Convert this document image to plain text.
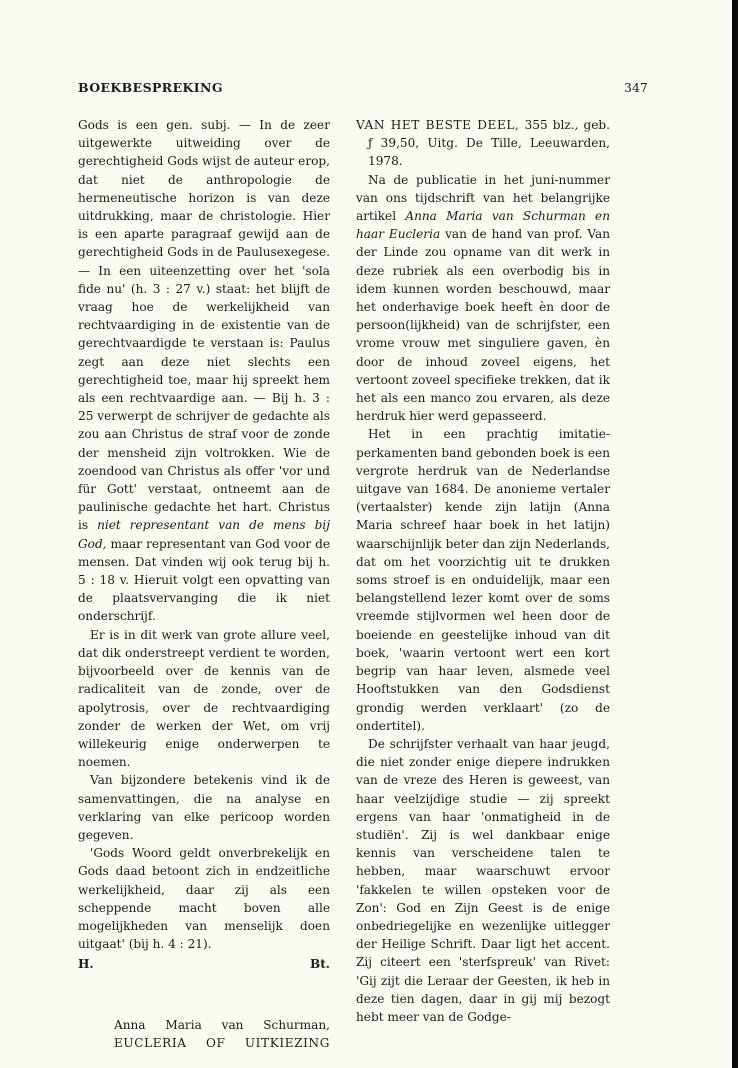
BOEKBESPREKING	347

Gods is een gen. subj. — In de zeer uitgewerkte uitweiding over de gerechtigheid Gods wijst de auteur erop, dat niet de anthropologie de hermeneutische horizon is van deze uitdrukking, maar de christologie. Hier is een aparte paragraaf gewijd aan de gerechtigheid Gods in de Paulusexegese. — In een uiteenzetting over het 'sola fide nu' (h. 3 : 27 v.) staat: het blijft de vraag hoe de werkelijkheid van rechtvaardiging in de existentie van de gerechtvaardigde te verstaan is: Paulus zegt aan deze niet slechts een gerechtigheid toe, maar hij spreekt hem als een rechtvaardige aan. — Bij h. 3 : 25 verwerpt de schrijver de gedachte als zou aan Christus de straf voor de zonde der mensheid zijn voltrokken. Wie de zoendood van Christus als offer 'vor und für Gott' verstaat, ontneemt aan de paulinische gedachte het hart. Christus is niet representant van de mens bij God, maar representant van God voor de mensen. Dat vinden wij ook terug bij h. 5 : 18 v. Hieruit volgt een opvatting van de plaatsvervanging die ik niet onderschrijf.

Er is in dit werk van grote allure veel, dat dik onderstreept verdient te worden, bijvoorbeeld over de kennis van de radicaliteit van de zonde, over de apolytrosis, over de rechtvaardiging zonder de werken der Wet, om vrij willekeurig enige onderwerpen te noemen.

Van bijzondere betekenis vind ik de samenvattingen, die na analyse en verklaring van elke pericoop worden gegeven.

'Gods Woord geldt onverbrekelijk en Gods daad betoont zich in endzeitliche werkelijkheid, daar zij als een scheppende macht boven alle mogelijkheden van menselijk doen uitgaat' (bij h. 4 : 21).

H.	Bt.
Anna Maria van Schurman,
EUCLERIA OF UITKIEZING
VAN HET BESTE DEEL, 355 blz., geb. ƒ 39,50, Uitg. De Tille, Leeuwarden, 1978.

Na de publicatie in het juni-nummer van ons tijdschrift van het belangrijke artikel Anna Maria van Schurman en haar Eucleria van de hand van prof. Van der Linde zou opname van dit werk in deze rubriek als een overbodig bis in idem kunnen worden beschouwd, maar het onderhavige boek heeft èn door de persoon(lijkheid) van de schrijfster, een vrome vrouw met singuliere gaven, èn door de inhoud zoveel eigens, het vertoont zoveel specifieke trekken, dat ik het als een manco zou ervaren, als deze herdruk hier werd gepasseerd.

Het in een prachtig imitatie-perkamenten band gebonden boek is een vergrote herdruk van de Nederlandse uitgave van 1684. De anonieme vertaler (vertaalster) kende zijn latijn (Anna Maria schreef haar boek in het latijn) waarschijnlijk beter dan zijn Nederlands, dat om het voorzichtig uit te drukken soms stroef is en onduidelijk, maar een belangstellend lezer komt over de soms vreemde stijlvormen wel heen door de boeiende en geestelijke inhoud van dit boek, 'waarin vertoont wert een kort begrip van haar leven, alsmede veel Hooftstukken van den Godsdienst grondig werden verklaart' (zo de ondertitel).

De schrijfster verhaalt van haar jeugd, die niet zonder enige diepere indrukken van de vreze des Heren is geweest, van haar veelzijdige studie — zij spreekt ergens van haar 'onmatigheid in de studiën'. Zij is wel dankbaar enige kennis van verscheidene talen te hebben, maar waarschuwt ervoor 'fakkelen te willen opsteken voor de Zon': God en Zijn Geest is de enige onbedriegelijke en wezenlijke uitlegger der Heilige Schrift. Daar ligt het accent. Zij citeert een 'sterfspreuk' van Rivet: 'Gij zijt die Leraar der Geesten, ik heb in deze tien dagen, daar in gij mij bezogt hebt meer van de Godge-
